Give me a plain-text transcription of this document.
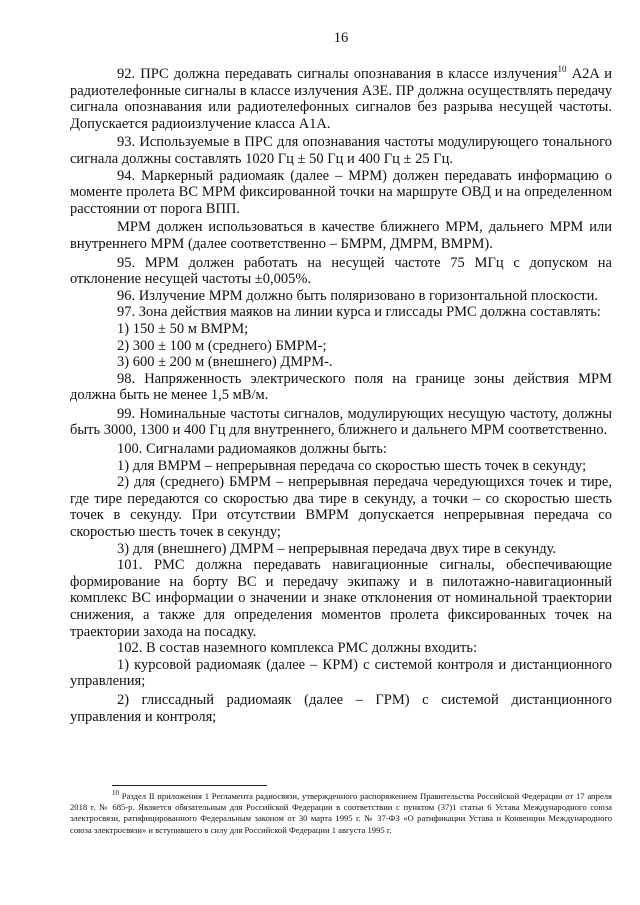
16

92. ПРС должна передавать сигналы опознавания в классе излучения$^{10}$ A2A и радиотелефонные сигналы в классе излучения A3E. ПР должна осуществлять передачу сигнала опознавания или радиотелефонных сигналов без разрыва несущей частоты. Допускается радиоизлучение класса A1A.

93. Используемые в ПРС для опознавания частоты модулирующего тонального сигнала должны составлять 1020 Гц ± 50 Гц и 400 Гц ± 25 Гц.

94. Маркерный радиомаяк (далее – МРМ) должен передавать информацию о моменте пролета ВС МРМ фиксированной точки на маршруте ОВД и на определенном расстоянии от порога ВПП.

МРМ должен использоваться в качестве ближнего МРМ, дальнего МРМ или внутреннего МРМ (далее соответственно – БМРМ, ДМРМ, ВМРМ).

95. МРМ должен работать на несущей частоте 75 МГц с допуском на отклонение несущей частоты ±0,005%.

96. Излучение МРМ должно быть поляризовано в горизонтальной плоскости.

97. Зона действия маяков на линии курса и глиссады РМС должна составлять:

1) 150 ± 50 м ВМРМ;

2) 300 ± 100 м (среднего) БМРМ-;

3) 600 ± 200 м (внешнего) ДМРМ-.

98. Напряженность электрического поля на границе зоны действия МРМ должна быть не менее 1,5 мВ/м.

99. Номинальные частоты сигналов, модулирующих несущую частоту, должны быть 3000, 1300 и 400 Гц для внутреннего, ближнего и дальнего МРМ соответственно.

100. Сигналами радиомаяков должны быть:

1) для ВМРМ – непрерывная передача со скоростью шесть точек в секунду;

2) для (среднего) БМРМ – непрерывная передача чередующихся точек и тире, где тире передаются со скоростью два тире в секунду, а точки – со скоростью шесть точек в секунду. При отсутствии ВМРМ допускается непрерывная передача со скоростью шесть точек в секунду;

3) для (внешнего) ДМРМ – непрерывная передача двух тире в секунду.

101. РМС должна передавать навигационные сигналы, обеспечивающие формирование на борту ВС и передачу экипажу и в пилотажно-навигационный комплекс ВС информации о значении и знаке отклонения от номинальной траектории снижения, а также для определения моментов пролета фиксированных точек на траектории захода на посадку.

102. В состав наземного комплекса РМС должны входить:

1) курсовой радиомаяк (далее – КРМ) с системой контроля и дистанционного управления;

2) глиссадный радиомаяк (далее – ГРМ) с системой дистанционного управления и контроля;

$^{10}$ Раздел II приложения 1 Регламента радиосвязи, утвержденного распоряжением Правительства Российской Федерации от 17 апреля 2018 г. № 685-р. Является обязательным для Российской Федерации в соответствии с пунктом (37)1 статьи 6 Устава Международного союза электросвязи, ратифицированного Федеральным законом от 30 марта 1995 г. № 37-ФЗ «О ратификации Устава и Конвенции Международного союза электросвязи» и вступившего в силу для Российской Федерации 1 августа 1995 г.
